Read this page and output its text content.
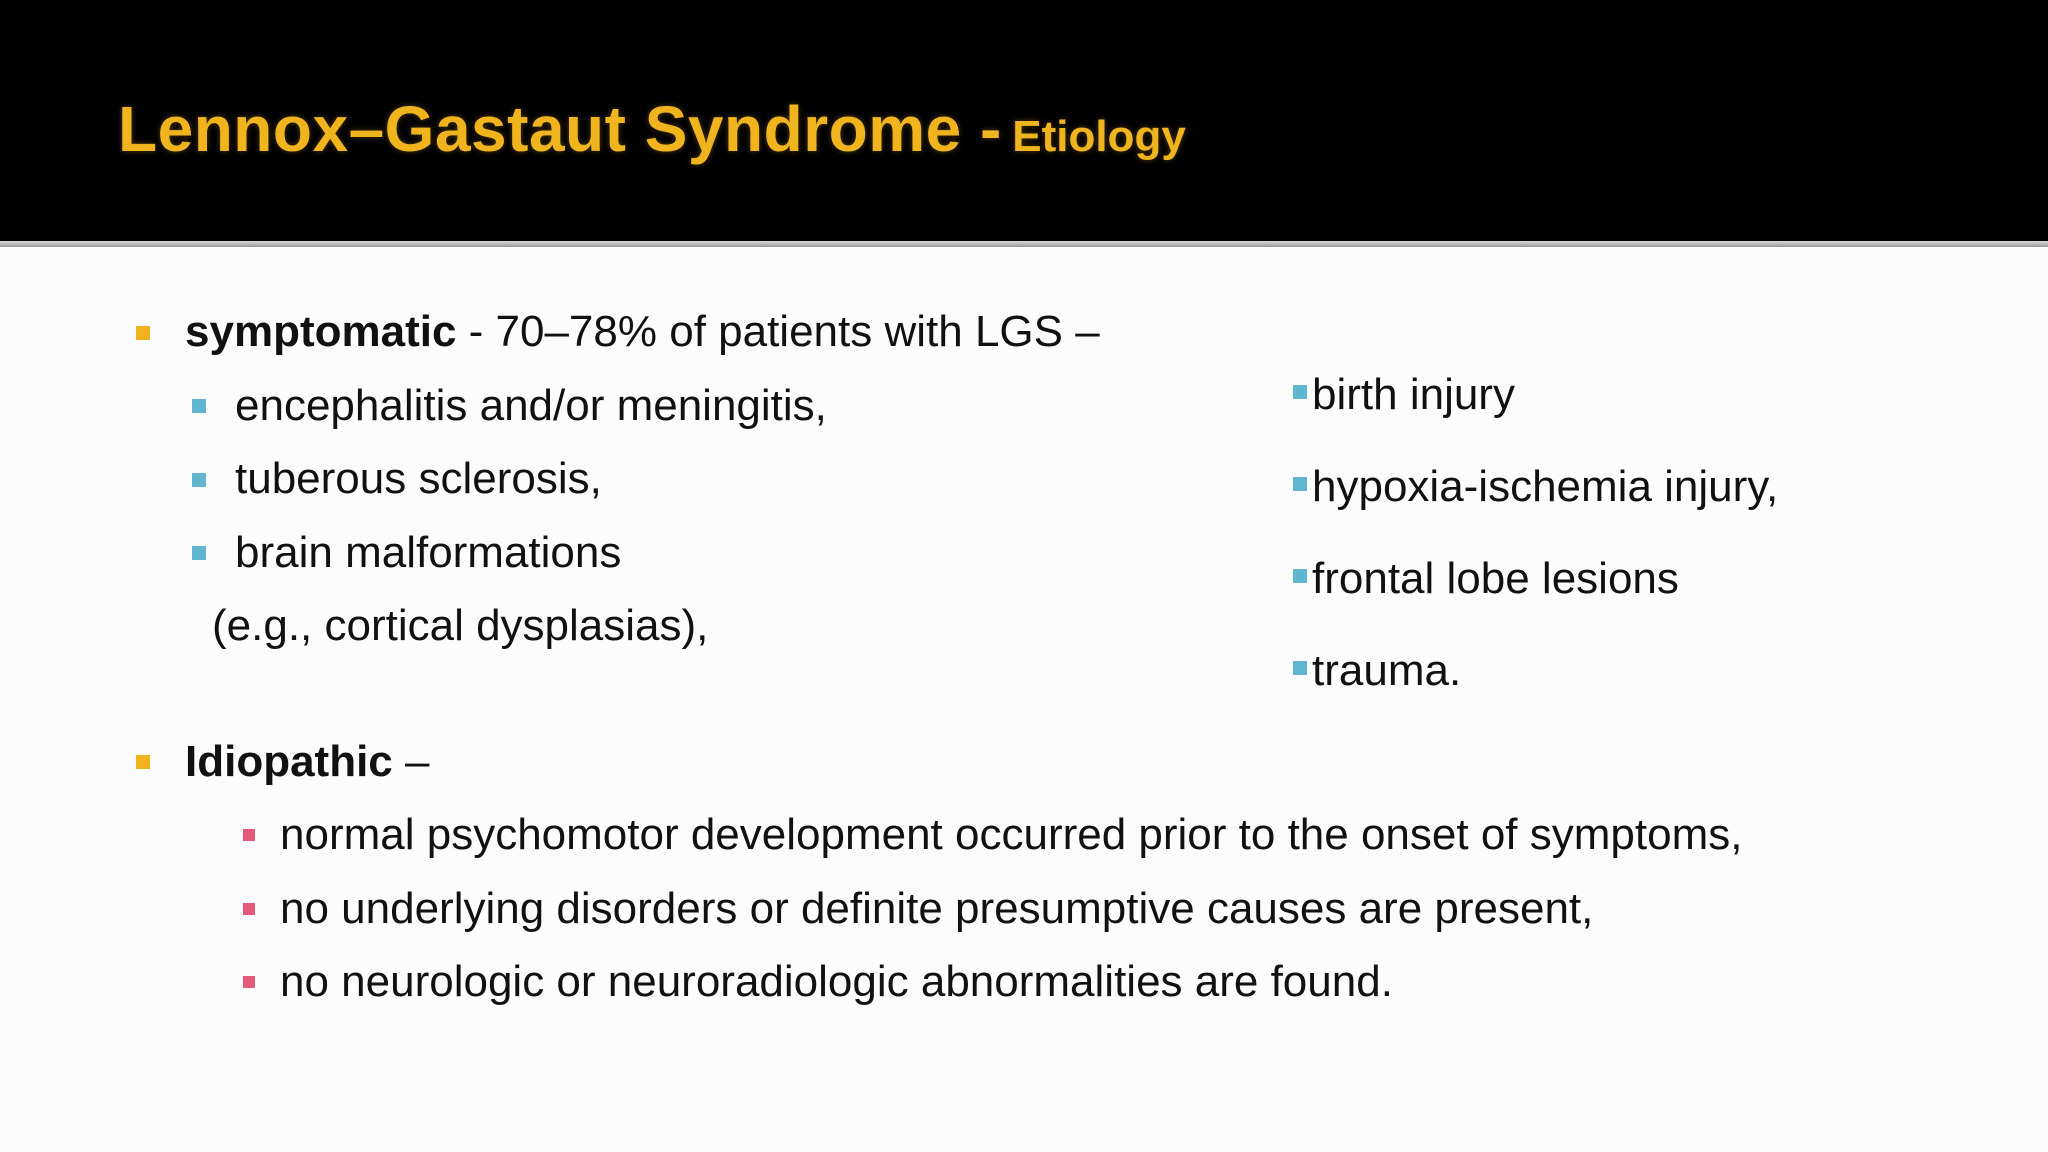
Lennox–Gastaut Syndrome - Etiology
symptomatic - 70–78% of patients with LGS –
encephalitis and/or meningitis,
tuberous sclerosis,
brain malformations
(e.g., cortical dysplasias),
birth injury
hypoxia-ischemia injury,
frontal lobe lesions
trauma.
Idiopathic –
normal psychomotor development occurred prior to the onset of symptoms,
no underlying disorders or definite presumptive causes are present,
no neurologic or neuroradiologic abnormalities are found.
